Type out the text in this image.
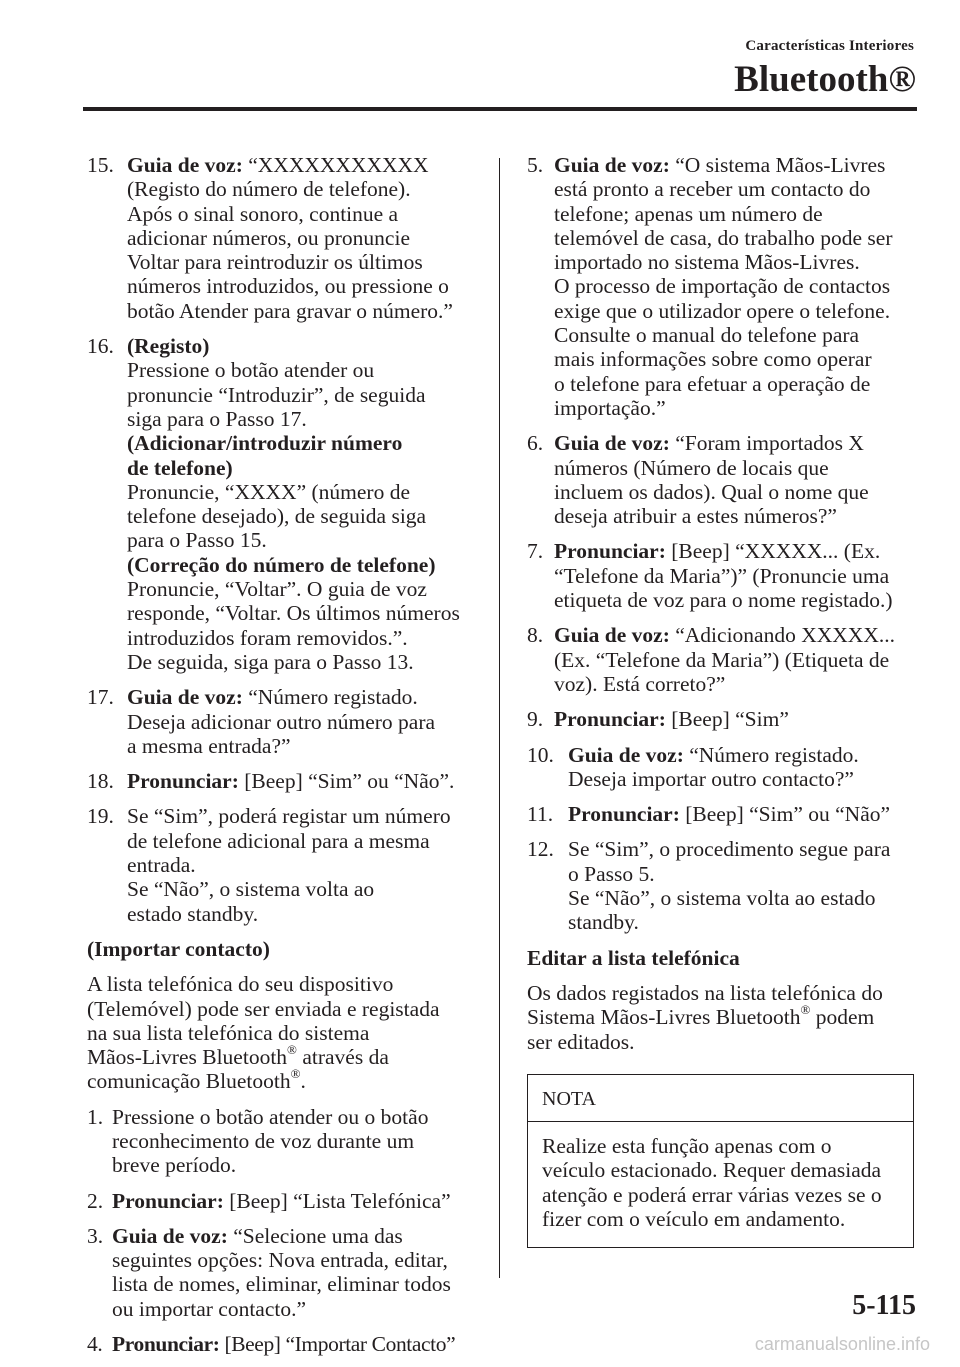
Características Interiores
Bluetooth®
15. Guia de voz: “XXXXXXXXXXX
(Registo do número de telefone).
Após o sinal sonoro, continue a
adicionar números, ou pronuncie
Voltar para reintroduzir os últimos
números introduzidos, ou pressione o
botão Atender para gravar o número.”
16. (Registo)
Pressione o botão atender ou
pronuncie “Introduzir”, de seguida
siga para o Passo 17.
(Adicionar/introduzir número
de telefone)
Pronuncie, “XXXX” (número de
telefone desejado), de seguida siga
para o Passo 15.
(Correção do número de telefone)
Pronuncie, “Voltar”. O guia de voz
responde, “Voltar. Os últimos números
introduzidos foram removidos.”.
De seguida, siga para o Passo 13.
17. Guia de voz: “Número registado.
Deseja adicionar outro número para
a mesma entrada?”
18. Pronunciar: [Beep] “Sim” ou “Não”.
19. Se “Sim”, poderá registar um número
de telefone adicional para a mesma
entrada.
Se “Não”, o sistema volta ao
estado standby.
(Importar contacto)
A lista telefónica do seu dispositivo
(Telemóvel) pode ser enviada e registada
na sua lista telefónica do sistema
Mãos-Livres Bluetooth® através da
comunicação Bluetooth®.
1. Pressione o botão atender ou o botão
reconhecimento de voz durante um
breve período.
2. Pronunciar: [Beep] “Lista Telefónica”
3. Guia de voz: “Selecione uma das
seguintes opções: Nova entrada, editar,
lista de nomes, eliminar, eliminar todos
ou importar contacto.”
4. Pronunciar: [Beep] “Importar Contacto”
5. Guia de voz: “O sistema Mãos-Livres
está pronto a receber um contacto do
telefone; apenas um número de
telemóvel de casa, do trabalho pode ser
importado no sistema Mãos-Livres.
O processo de importação de contactos
exige que o utilizador opere o telefone.
Consulte o manual do telefone para
mais informações sobre como operar
o telefone para efetuar a operação de
importação.”
6. Guia de voz: “Foram importados X
números (Número de locais que
incluem os dados). Qual o nome que
deseja atribuir a estes números?”
7. Pronunciar: [Beep] “XXXXX... (Ex.
“Telefone da Maria”)” (Pronuncie uma
etiqueta de voz para o nome registado.)
8. Guia de voz: “Adicionando XXXXX...
(Ex. “Telefone da Maria”) (Etiqueta de
voz). Está correto?”
9. Pronunciar: [Beep] “Sim”
10. Guia de voz: “Número registado.
Deseja importar outro contacto?”
11. Pronunciar: [Beep] “Sim” ou “Não”
12. Se “Sim”, o procedimento segue para
o Passo 5.
Se “Não”, o sistema volta ao estado
standby.
Editar a lista telefónica
Os dados registados na lista telefónica do
Sistema Mãos-Livres Bluetooth® podem
ser editados.
NOTA
Realize esta função apenas com o
veículo estacionado. Requer demasiada
atenção e poderá errar várias vezes se o
fizer com o veículo em andamento.
5-115
carmanualsonline.info
